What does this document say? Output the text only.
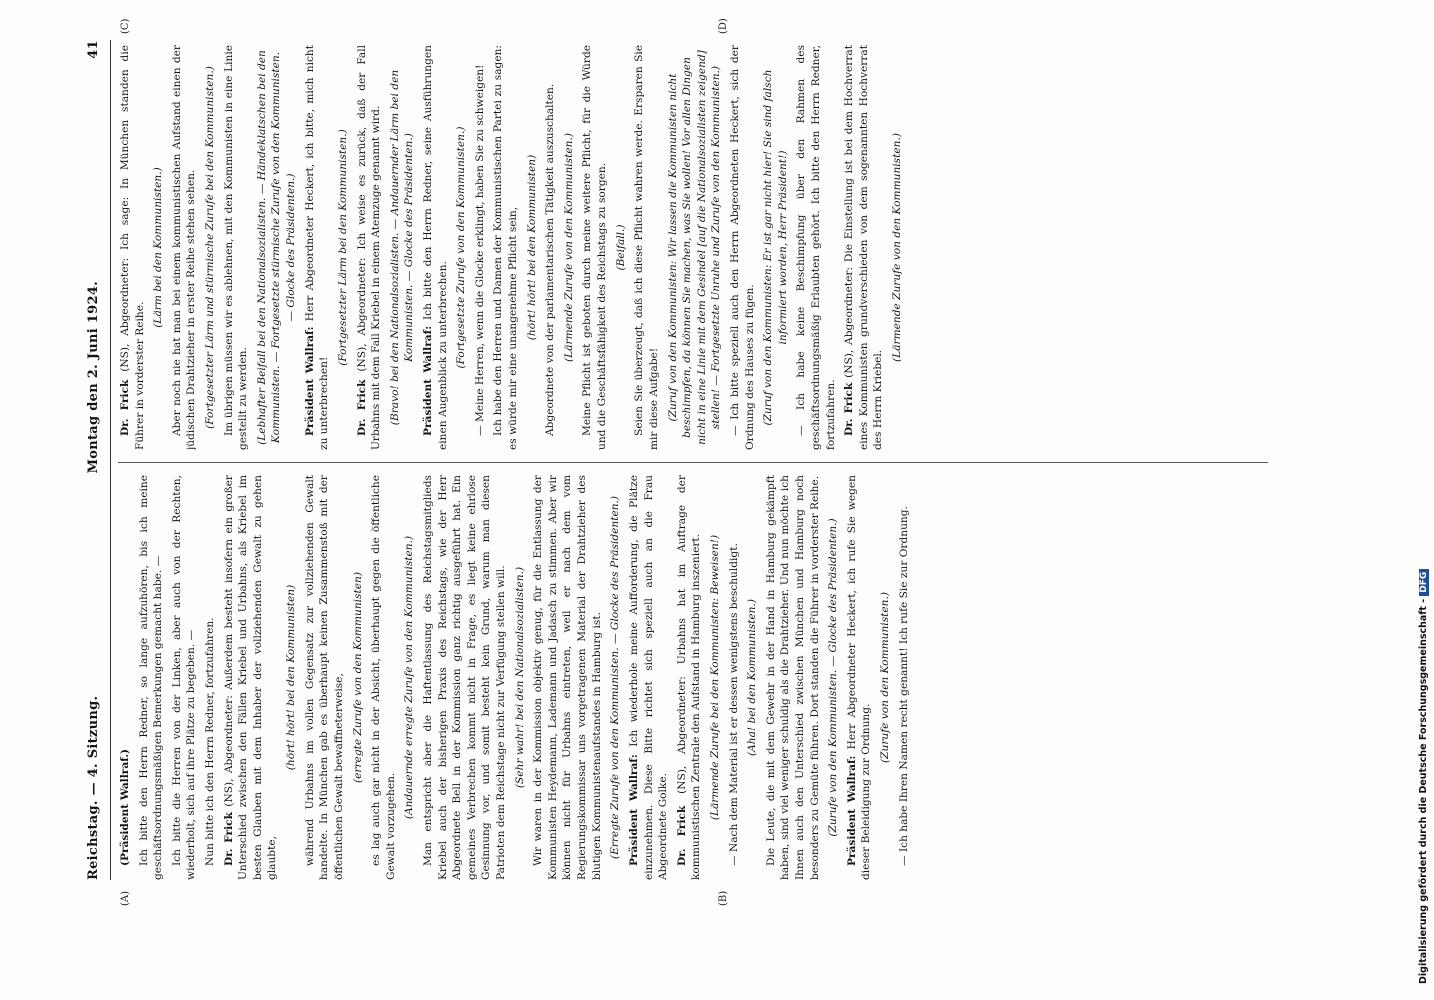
Reichstag. — 4. Sitzung.
Montag den 2. Juni 1924.
41

(Präsident Wallraf.) Ich bitte den Herrn Redner, so lange aufzuhören, bis ich meine geschäftsordnungsmäßigen Bemerkungen gemacht habe. — Ich bitte die Herren von der Linken, aber auch von der Rechten, wiederholt, sich auf ihre Plätze zu begeben. — Nun bitte ich den Herrn Redner, fortzufahren. Dr. Frick (NS), Abgeordneter: Außerdem besteht insofern ein großer Unterschied zwischen den Fällen Kriebel und Urbahns, als Kriebel im besten Glauben mit dem Inhaber der vollziehenden Gewalt zu gehen glaubte,

(hört! hört! bei den Kommunisten) während Urbahns im vollen Gegensatz zur vollziehenden Gewalt handelte. In München gab es überhaupt keinen Zusammenstoß mit der öffentlichen Gewalt bewaffneterweise, (erregte Zurufe von den Kommunisten) es lag auch gar nicht in der Absicht, überhaupt gegen die öffentliche Gewalt vorzugehen.

(Andauernde erregte Zurufe von den Kommunisten.) Man entspricht aber die Haftentlassung des Reichstagsmitglieds Kriebel auch der bisherigen Praxis des Reichstags, wie der Herr Abgeordnete Bell in der Kommission ganz richtig ausgeführt hat. Ein gemeines Verbrechen kommt nicht in Frage, es liegt keine ehrlose Gesinnung vor, und somit besteht kein Grund, warum man diesen Patrioten dem Reichstage nicht zur Verfügung stellen will. (Sehr wahr! bei den Nationalsozialisten.) Wir waren in der Kommission objektiv genug, für die Entlassung der Kommunisten Heydemann, Lademann und Jadasch zu stimmen. Aber wir können nicht für Urbahns eintreten, weil er nach dem vom Regierungskommissar uns vorgetragenen Material der Drahtzieher des blutigen Kommunistenaufstandes in Hamburg ist. (Erregte Zurufe von den Kommunisten. — Glocke des Präsidenten.) Präsident Wallraf: Ich wiederhole meine Aufforderung, die Plätze einzunehmen. Diese Bitte richtet sich speziell auch an die Frau Abgeordnete Golke. Dr. Frick (NS), Abgeordneter: Urbahns hat im Auftrage der kommunistischen Zentrale den Aufstand in Hamburg inszeniert. (Lärmende Zurufe bei den Kommunisten: Beweisen!) — Nach dem Material ist er dessen wenigstens beschuldigt. (Aha! bei den Kommunisten.) Die Leute, die mit dem Gewehr in der Hand in Hamburg gekämpft haben, sind viel weniger schuldig als die Drahtzieher. Und nun möchte ich Ihnen auch den Unterschied zwischen München und Hamburg noch besonders zu Gemüte führen. Dort standen die Führer in vorderster Reihe. (Zurufe von den Kommunisten. — Glocke des Präsidenten.) Präsident Wallraf: Herr Abgeordneter Heckert, ich rufe Sie wegen dieser Beleidigung zur Ordnung.

(Zurufe von den Kommunisten.) — Ich habe Ihren Namen recht genannt! Ich rufe Sie zur Ordnung.

Dr. Frick (NS), Abgeordneter: Ich sage: In München standen die Führer in vorderster Reihe.

(Lärm bei den Kommunisten.) Aber noch nie hat man bei einem kommunistischen Aufstand einen der jüdischen Drahtzieher in erster Reihe stehen sehen. (Fortgesetzter Lärm und stürmische Zurufe bei den Kommunisten.) Im übrigen müssen wir es ablehnen, mit den Kommunisten in eine Linie gestellt zu werden. (Lebhafter Beifall bei den Nationalsozialisten. — Händeklatschen bei den Kommunisten. — Fortgesetzte stürmische Zurufe von den Kommunisten. — Glocke des Präsidenten.)

Präsident Wallraf: Herr Abgeordneter Heckert, ich bitte, mich nicht zu unterbrechen!

(Fortgesetzter Lärm bei den Kommunisten.)

Dr. Frick (NS), Abgeordneter: Ich weise es zurück, daß der Fall Urbahns mit dem Fall Kriebel in einem Atemzuge genannt wird. (Bravo! bei den Nationalsozialisten. — Andauernder Lärm bei den Kommunisten. — Glocke des Präsidenten.)

Präsident Wallraf: Ich bitte den Herrn Redner, seine Ausführungen einen Augenblick zu unterbrechen. (Fortgesetzte Zurufe von den Kommunisten.) — Meine Herren, wenn die Glocke erklingt, haben Sie zu schweigen! Ich habe den Herren und Damen der Kommunistischen Partei zu sagen: es würde mir eine unangenehme Pflicht sein, (hört! hört! bei den Kommunisten) Abgeordnete von der parlamentarischen Tätigkeit auszuschalten. (Lärmende Zurufe von den Kommunisten.) Meine Pflicht ist geboten durch meine weitere Pflicht, für die Würde und die Geschäftsfähigkeit des Reichstags zu sorgen. (Beifall.) Seien Sie überzeugt, daß ich diese Pflicht wahren werde. Ersparen Sie mir diese Aufgabe! (Zuruf von den Kommunisten: Wir lassen die Kommunisten nicht beschimpfen, da können Sie machen, was Sie wollen! Vor allen Dingen nicht in eine Linie mit dem Gesindel [auf die Nationalsozialisten zeigend] stellen! — Fortgesetzte Unruhe und Zurufe von den Kommunisten.) — Ich bitte speziell auch den Herrn Abgeordneten Heckert, sich der Ordnung des Hauses zu fügen. (Zuruf von den Kommunisten: Er ist gar nicht hier! Sie sind falsch informiert worden, Herr Präsident!) — Ich habe keine Beschimpfung über den Rahmen des geschäftsordnungsmäßig Erlaubten gehört. Ich bitte den Herrn Redner, fortzufahren. Dr. Frick (NS), Abgeordneter: Die Einstellung ist bei dem Hochverrat eines Kommunisten grundverschieden von dem sogenannten Hochverrat des Herrn Kriebel.

(Lärmende Zurufe von den Kommunisten.)

(A)	(B)
(C)	(D)
Digitalisierung gefördert durch die Deutsche Forschungsgemeinschaft -DFG
